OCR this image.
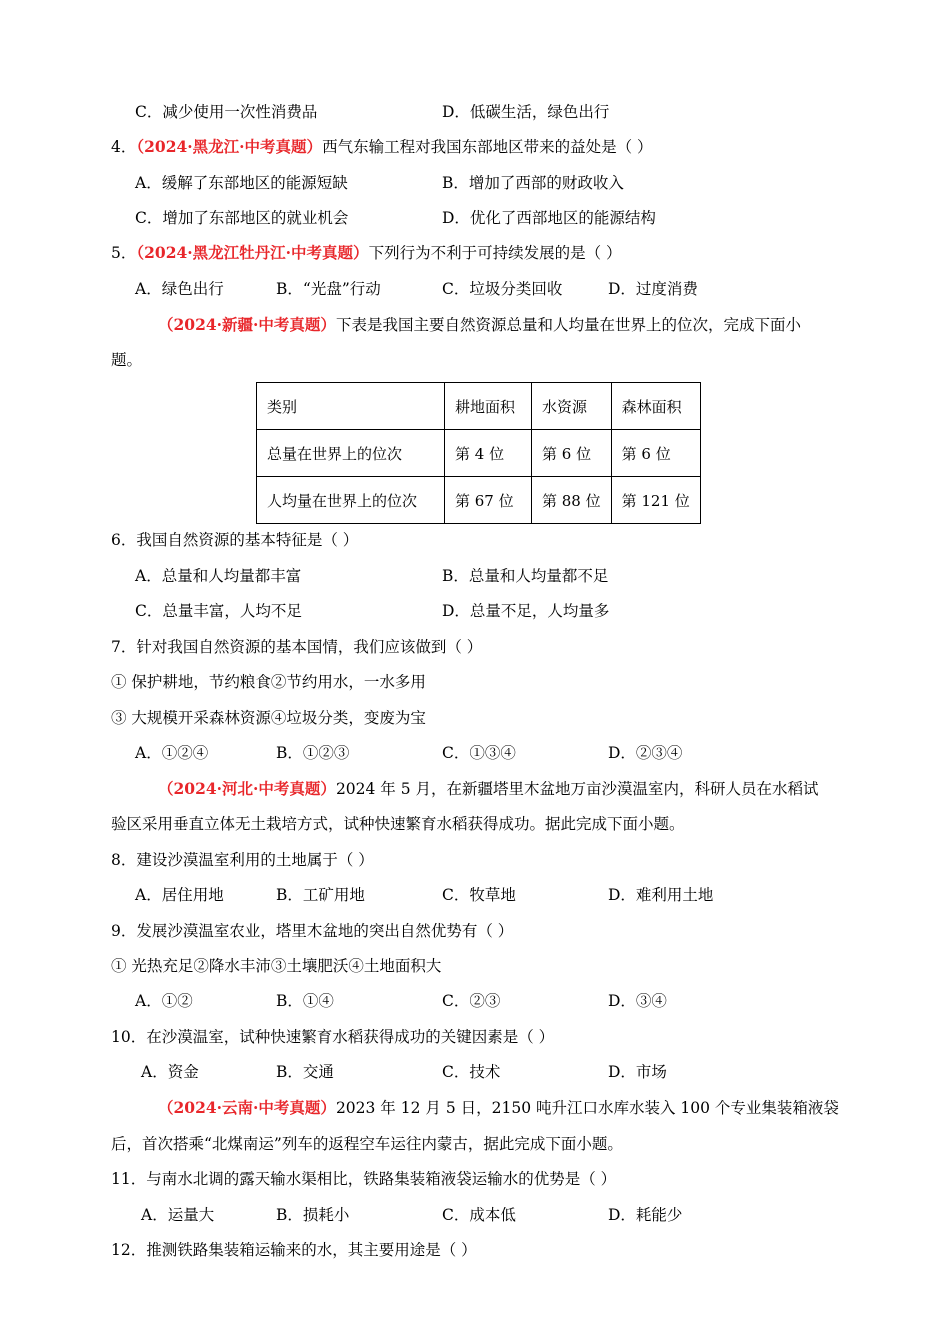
C．减少使用一次性消费品	D．低碳生活，绿色出行
4．（2024·黑龙江·中考真题）西气东输工程对我国东部地区带来的益处是（ ）
A．缓解了东部地区的能源短缺	B．增加了西部的财政收入
C．增加了东部地区的就业机会	D．优化了西部地区的能源结构
5．（2024·黑龙江牡丹江·中考真题）下列行为不利于可持续发展的是（ ）
A．绿色出行	B．“光盘”行动	C．垃圾分类回收	D．过度消费
（2024·新疆·中考真题）下表是我国主要自然资源总量和人均量在世界上的位次，完成下面小
题。
类别	耕地面积	水资源	森林面积
总量在世界上的位次	第 4 位	第 6 位	第 6 位
人均量在世界上的位次	第 67 位	第 88 位	第 121 位
6．我国自然资源的基本特征是（ ）
A．总量和人均量都丰富	B．总量和人均量都不足
C．总量丰富，人均不足	D．总量不足，人均量多
7．针对我国自然资源的基本国情，我们应该做到（ ）
① 保护耕地，节约粮食②节约用水，一水多用
③ 大规模开采森林资源④垃圾分类，变废为宝
A．①②④	B．①②③	C．①③④	D．②③④
（2024·河北·中考真题）2024 年 5 月，在新疆塔里木盆地万亩沙漠温室内，科研人员在水稻试
验区采用垂直立体无土栽培方式，试种快速繁育水稻获得成功。据此完成下面小题。
8．建设沙漠温室利用的土地属于（ ）
A．居住用地	B．工矿用地	C．牧草地	D．难利用土地
9．发展沙漠温室农业，塔里木盆地的突出自然优势有（ ）
① 光热充足②降水丰沛③土壤肥沃④土地面积大
A．①②	B．①④	C．②③	D．③④
10．在沙漠温室，试种快速繁育水稻获得成功的关键因素是（ ）
A．资金	B．交通	C．技术	D．市场
（2024·云南·中考真题）2023 年 12 月 5 日，2150 吨升江口水库水装入 100 个专业集装箱液袋
后，首次搭乘“北煤南运”列车的返程空车运往内蒙古，据此完成下面小题。
11．与南水北调的露天输水渠相比，铁路集装箱液袋运输水的优势是（ ）
A．运量大	B．损耗小	C．成本低	D．耗能少
12．推测铁路集装箱运输来的水，其主要用途是（ ）
